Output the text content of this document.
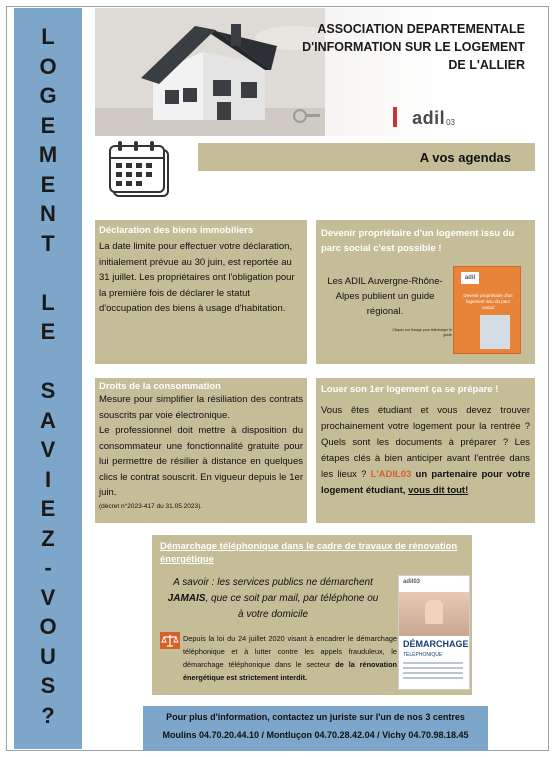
L
O
G
E
M
E
N
T

L
E

S
A
V
I
E
Z
-
V
O
U
S
?
ASSOCIATION DEPARTEMENTALE
D'INFORMATION SUR LE LOGEMENT
DE L'ALLIER
adil 03
A vos agendas
Déclaration des biens immobiliers
La date limite pour effectuer votre déclaration, initialement prévue au 30 juin, est reportée au 31 juillet. Les propriétaires ont l'obligation pour la première fois de déclarer le statut d'occupation des biens à usage d'habitation.
Devenir propriétaire d'un logement issu du parc social c'est possible !
Les ADIL Auvergne-Rhône-Alpes publient un guide régional.
adil
Devenir propriétaire d'un logement issu du parc social
Cliquez sur l'image pour télécharger le guide
Droits de la consommation
Mesure pour simplifier la résiliation des contrats souscrits par voie électronique.
Le professionnel doit mettre à disposition du consommateur une fonctionnalité gratuite pour lui permettre de résilier à distance en quelques clics le contrat souscrit. En vigueur depuis le 1er juin.
(décret n°2023-417 du 31.05.2023).
Louer son 1er logement ça se prépare !
Vous êtes étudiant et vous devez trouver prochainement votre logement pour la rentrée ? Quels sont les documents à préparer ? Les étapes clés à bien anticiper avant l'entrée dans les lieux ? L'ADIL03 un partenaire pour votre logement étudiant, vous dit tout!
Démarchage téléphonique dans le cadre de travaux de rénovation énergétique
A savoir : les services publics ne démarchent JAMAIS, que ce soit par mail, par téléphone ou à votre domicile
Depuis la loi du 24 juillet 2020 visant à encadrer le démarchage téléphonique et à lutter contre les appels frauduleux, le démarchage téléphonique dans le secteur de la rénovation énergétique est strictement interdit.
adil03
DÉMARCHAGE
TÉLÉPHONIQUE
Pour plus d'information, contactez un juriste sur l'un de nos 3 centres
Moulins 04.70.20.44.10 / Montluçon 04.70.28.42.04 / Vichy 04.70.98.18.45
